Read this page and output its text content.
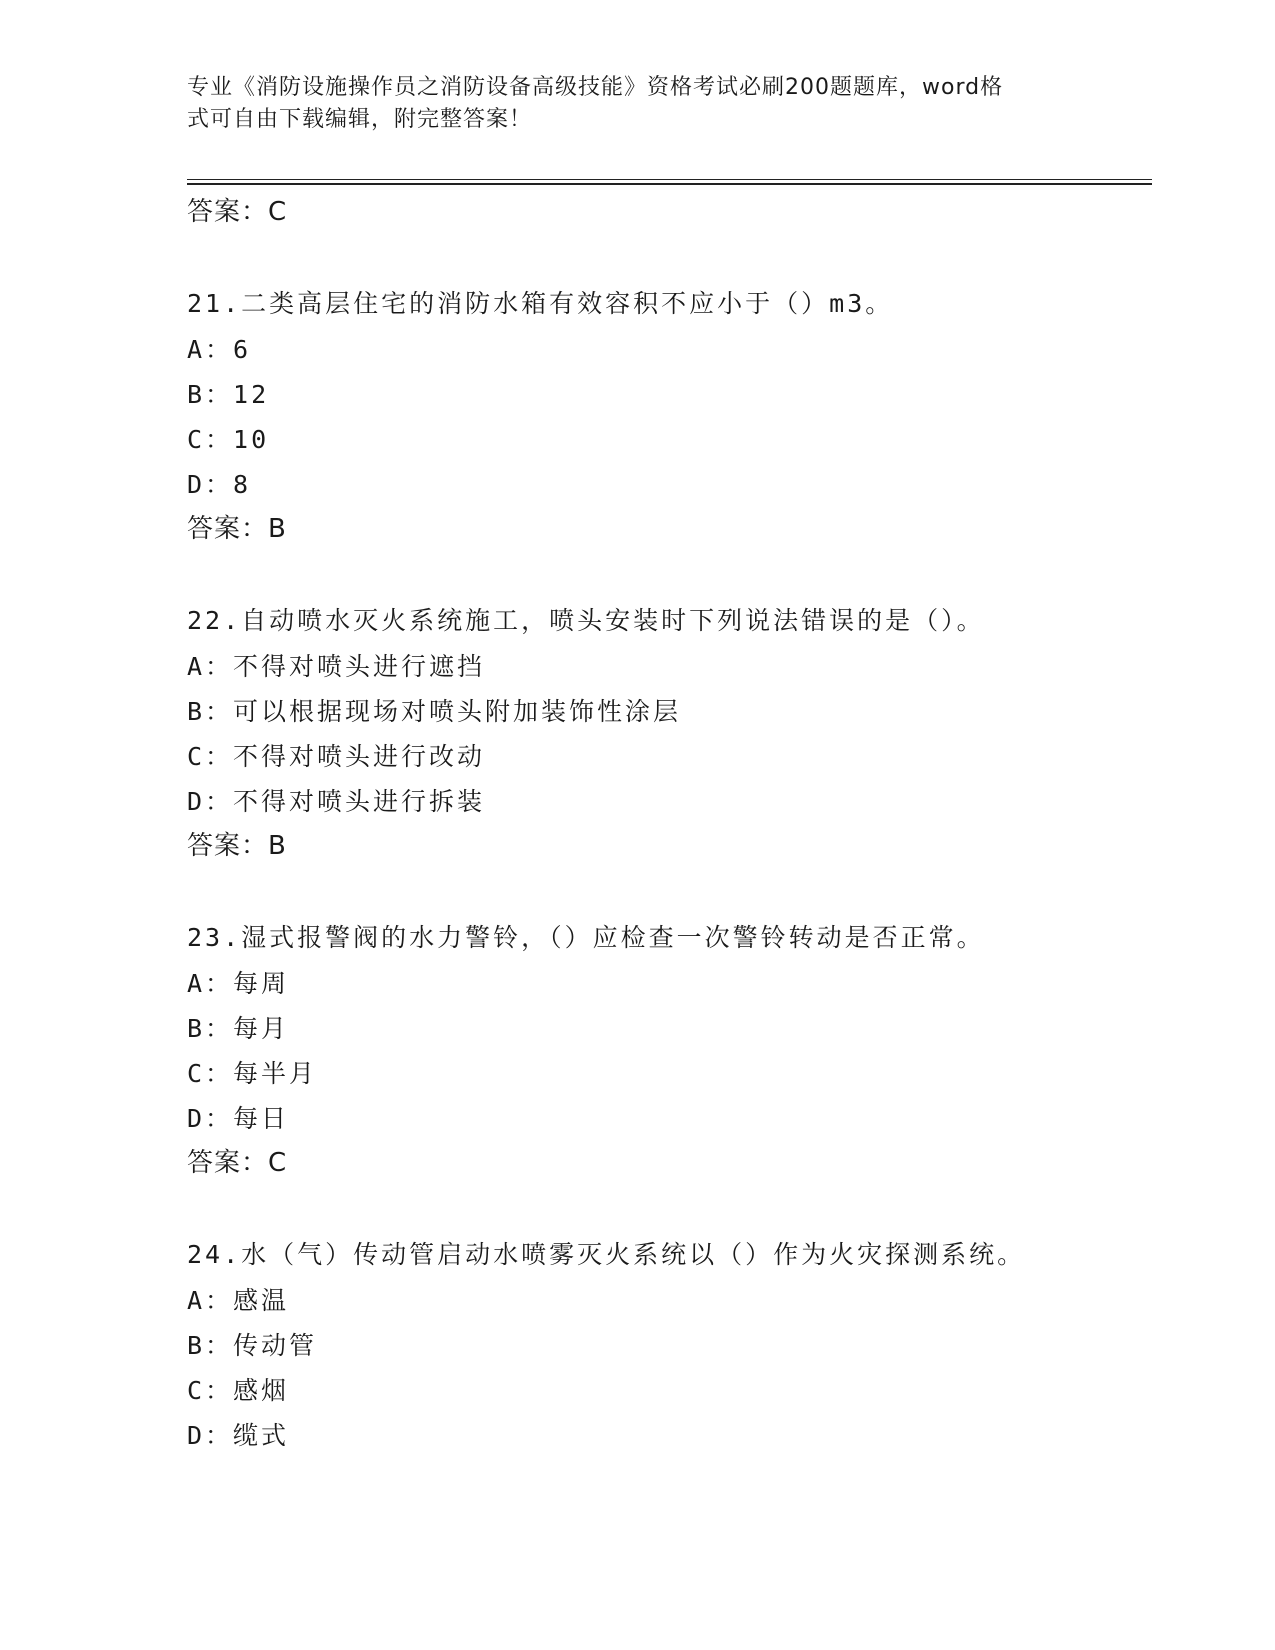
专业《消防设施操作员之消防设备高级技能》资格考试必刷200题题库，word格
式可自由下载编辑，附完整答案！
答案：C
21.二类高层住宅的消防水箱有效容积不应小于（）m3。
A：6
B：12
C：10
D：8
答案：B
22.自动喷水灭火系统施工，喷头安装时下列说法错误的是（）。
A：不得对喷头进行遮挡
B：可以根据现场对喷头附加装饰性涂层
C：不得对喷头进行改动
D：不得对喷头进行拆装
答案：B
23.湿式报警阀的水力警铃，（）应检查一次警铃转动是否正常。
A：每周
B：每月
C：每半月
D：每日
答案：C
24.水（气）传动管启动水喷雾灭火系统以（）作为火灾探测系统。
A：感温
B：传动管
C：感烟
D：缆式
